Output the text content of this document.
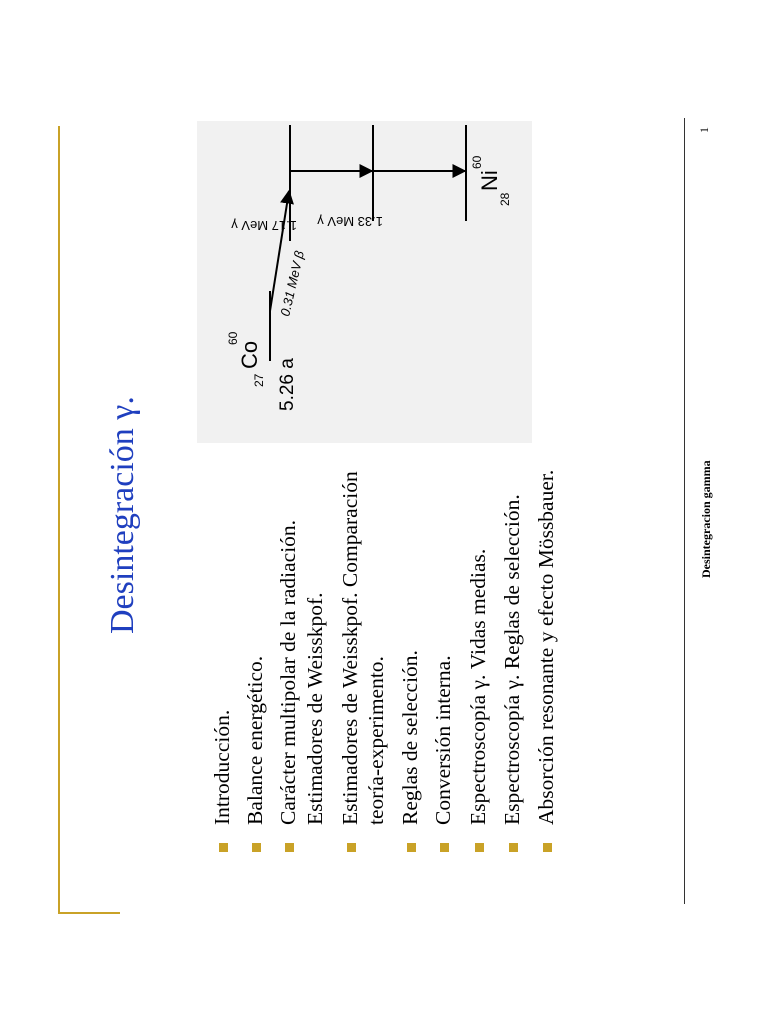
Desintegración γ.
Introducción. Balance energético. Carácter multipolar de la radiación. Estimadores de Weisskpof. Estimadores de Weisskpof. Comparación teoría-experimento. Reglas de selección. Conversión interna. Espectroscopía γ. Vidas medias. Espectroscopía γ. Reglas de selección. Absorción resonante y efecto Mössbauer.
5.26 a
27
Co
60
0.31 MeV β
1.17 MeV γ 1.33 MeV γ
28
Ni
60
Desintegracion gamma
1
